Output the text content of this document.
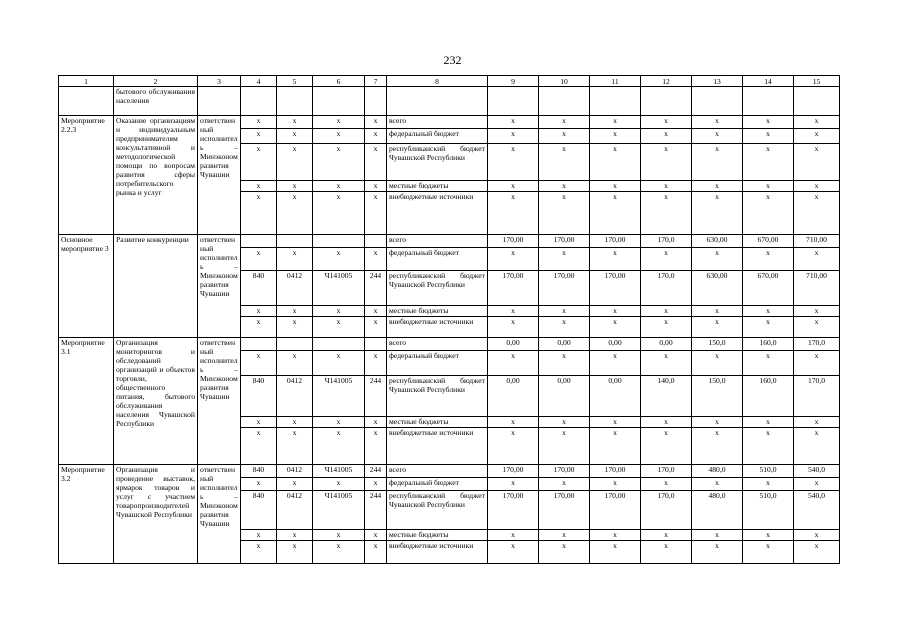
232
1	2	3	4	5	6	7	8	9	10	11	12	13	14	15
	бытового обслуживания населения													
Мероприятие 2.2.3	Оказание организациям и индивидуальным предпринимателям консультативной и методологической помощи по вопросам развития сферы потребительского рынка и услуг	ответственный исполнитель – Минэкономразвития Чувашии	х	х	х	х	всего	х	х	х	х	х	х	х
			х	х	х	х	федеральный бюджет	х	х	х	х	х	х	х
			х	х	х	х	республиканский бюджет Чувашской Республики	х	х	х	х	х	х	х
			х	х	х	х	местные бюджеты	х	х	х	х	х	х	х
			х	х	х	х	внебюджетные источники	х	х	х	х	х	х	х
Основное мероприятие 3	Развитие конкуренции	ответственный исполнитель – Минэкономразвития Чувашии					всего	170,00	170,00	170,00	170,0	630,00	670,00	710,00
			х	х	х	х	федеральный бюджет	х	х	х	х	х	х	х
			840	0412	Ч141005	244	республиканский бюджет Чувашской Республики	170,00	170,00	170,00	170,0	630,00	670,00	710,00
			х	х	х	х	местные бюджеты	х	х	х	х	х	х	х
			х	х	х	х	внебюджетные источники	х	х	х	х	х	х	х
Мероприятие 3.1	Организация мониторингов и обследований организаций и объектов торговли, общественного питания, бытового обслуживания населения Чувашской Республики	ответственный исполнитель – Минэкономразвития Чувашии					всего	0,00	0,00	0,00	0,00	150,0	160,0	170,0
			х	х	х	х	федеральный бюджет	х	х	х	х	х	х	х
			840	0412	Ч141005	244	республиканский бюджет Чувашской Республики	0,00	0,00	0,00	140,0	150,0	160,0	170,0
			х	х	х	х	местные бюджеты	х	х	х	х	х	х	х
			х	х	х	х	внебюджетные источники	х	х	х	х	х	х	х
Мероприятие 3.2	Организация и проведение выставок, ярмарок товаров и услуг с участием товаропроизводителей Чувашской Республики	ответственный исполнитель – Минэкономразвития Чувашии	840	0412	Ч141005	244	всего	170,00	170,00	170,00	170,0	480,0	510,0	540,0
			х	х	х	х	федеральный бюджет	х	х	х	х	х	х	х
			840	0412	Ч141005	244	республиканский бюджет Чувашской Республики	170,00	170,00	170,00	170,0	480,0	510,0	540,0
			х	х	х	х	местные бюджеты	х	х	х	х	х	х	х
			х	х	х	х	внебюджетные источники	х	х	х	х	х	х	х
